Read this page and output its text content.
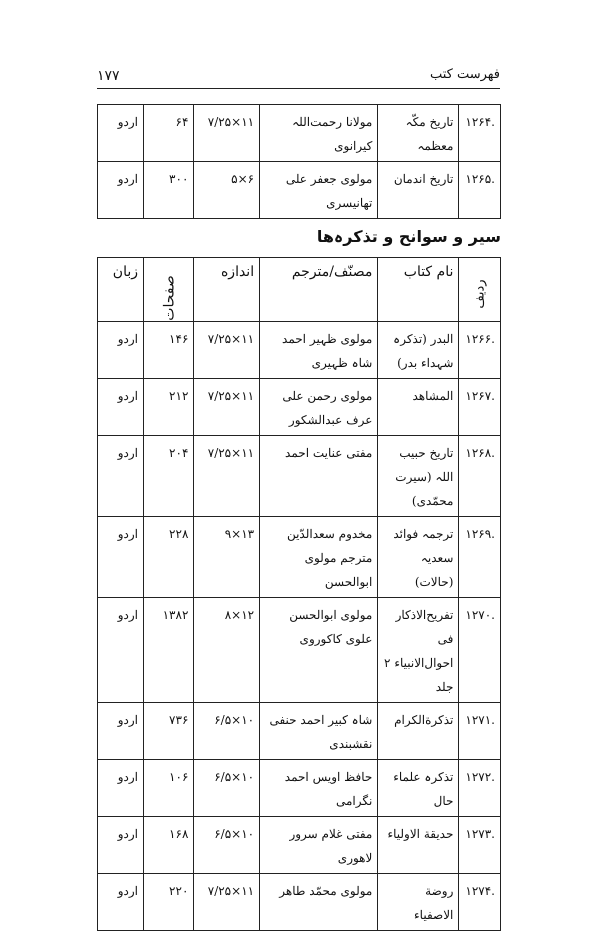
۱۷۷	فهرست کتب
.۱۲۶۴	تاریخ مکّہ معظمہ	مولانا رحمت‌اللہ کیرانوی	۱۱×۷/۲۵	۶۴	اردو
.۱۲۶۵	تاریخ اندمان	مولوی جعفر علی تھانیسری	۶×۵	۳۰۰	اردو
سیر و سوانح و تذکرہ‌ها
ردیف	نام کتاب	مصنّف/مترجم	اندازه	صفحات	زبان
.۱۲۶۶	البدر (تذکرہ شہداء بدر)	مولوی ظہیر احمد شاہ ظہیری	۱۱×۷/۲۵	۱۴۶	اردو
.۱۲۶۷	المشاهد	مولوی رحمن علی عرف عبدالشکور	۱۱×۷/۲۵	۲۱۲	اردو
.۱۲۶۸	تاریخ حبیب اللہ (سیرت محمّدی)	مفتی عنایت احمد	۱۱×۷/۲۵	۲۰۴	اردو
.۱۲۶۹	ترجمہ فوائد سعدیہ (حالات)	مخدوم سعدالدّین مترجم مولوی ابوالحسن	۱۳×۹	۲۲۸	اردو
.۱۲۷۰	تفریح‌الاذکار فی احوال‌الانبیاء ۲ جلد	مولوی ابوالحسن علوی کاکوروی	۱۲×۸	۱۳۸۲	اردو
.۱۲۷۱	تذکرةالکرام	شاہ کبیر احمد حنفی نقشبندی	۱۰×۶/۵	۷۳۶	اردو
.۱۲۷۲	تذکرہ علماء حال	حافظ اویس احمد نگرامی	۱۰×۶/۵	۱۰۶	اردو
.۱۲۷۳	حدیقة الاولیاء	مفتی غلام سرور لاهوری	۱۰×۶/۵	۱۶۸	اردو
.۱۲۷۴	روضة الاصفیاء	مولوی محمّد طاهر	۱۱×۷/۲۵	۲۲۰	اردو
